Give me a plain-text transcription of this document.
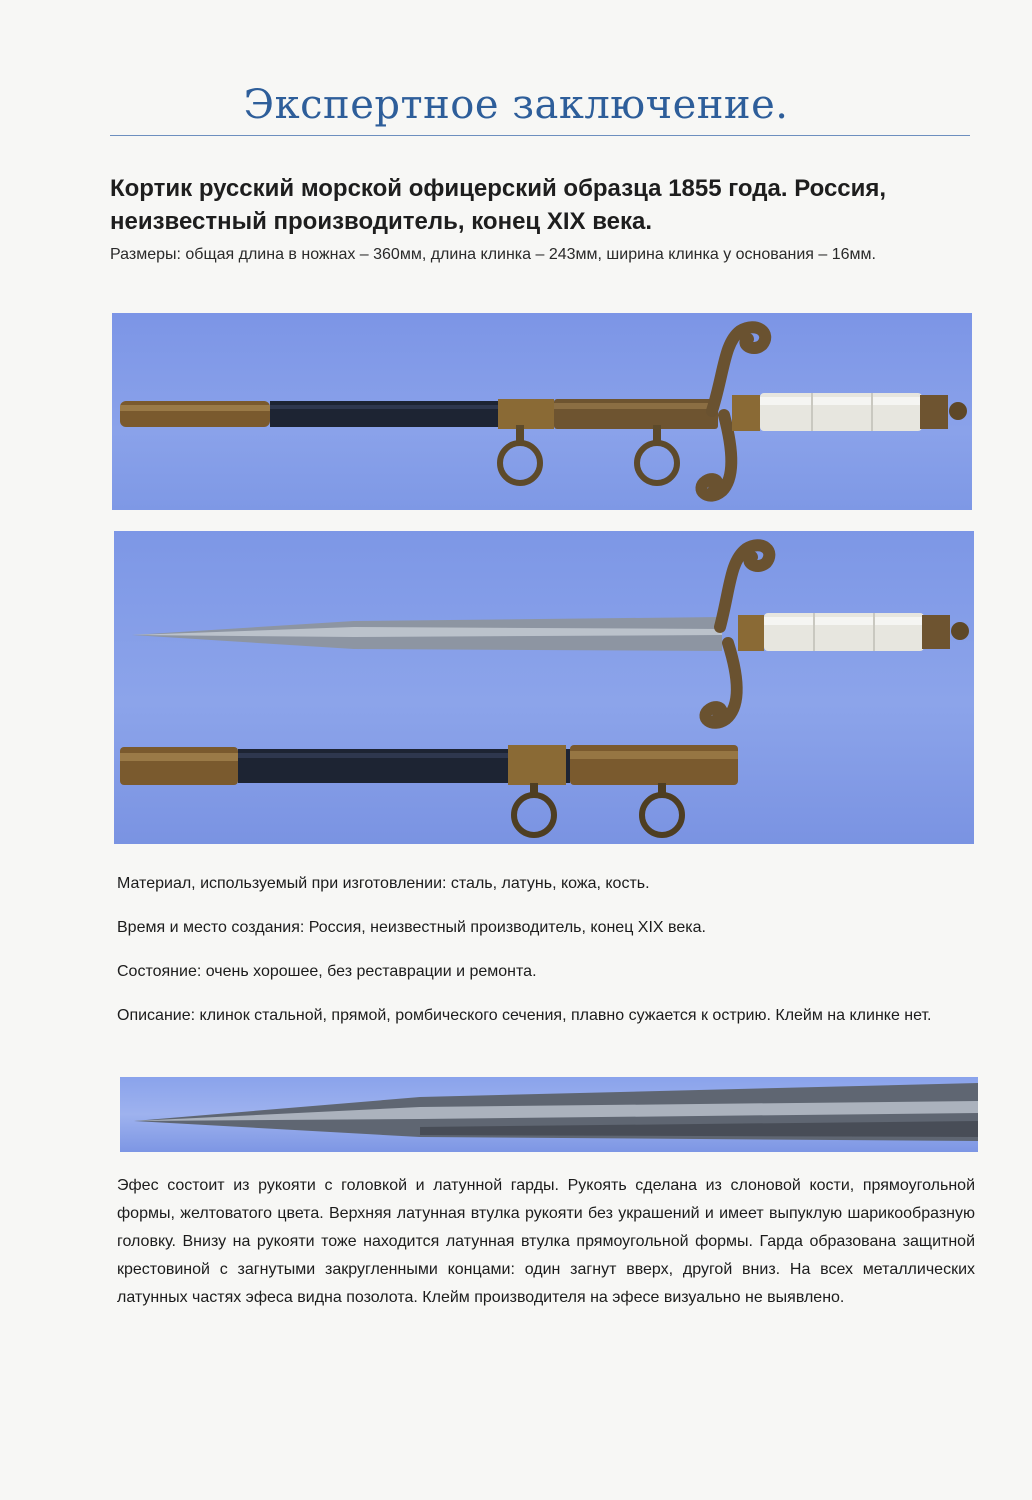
Экспертное заключение.
Кортик русский морской офицерский образца 1855 года. Россия, неизвестный производитель, конец XIX века.
Размеры: общая длина в ножнах – 360мм, длина клинка – 243мм, ширина клинка у основания – 16мм.
Материал, используемый при изготовлении: сталь, латунь, кожа, кость.
Время и место создания: Россия, неизвестный производитель, конец XIX века.
Состояние: очень хорошее, без реставрации и ремонта.
Описание: клинок стальной, прямой, ромбического сечения, плавно сужается к острию. Клейм на клинке нет.
Эфес состоит из рукояти с головкой и латунной гарды. Рукоять сделана из слоновой кости, прямоугольной формы, желтоватого цвета. Верхняя латунная втулка рукояти без украшений и имеет выпуклую шарикообразную головку. Внизу на рукояти тоже находится латунная втулка прямоугольной формы. Гарда образована защитной крестовиной с загнутыми закругленными концами: один загнут вверх, другой вниз. На всех металлических латунных частях эфеса видна позолота. Клейм производителя на эфесе визуально не выявлено.
